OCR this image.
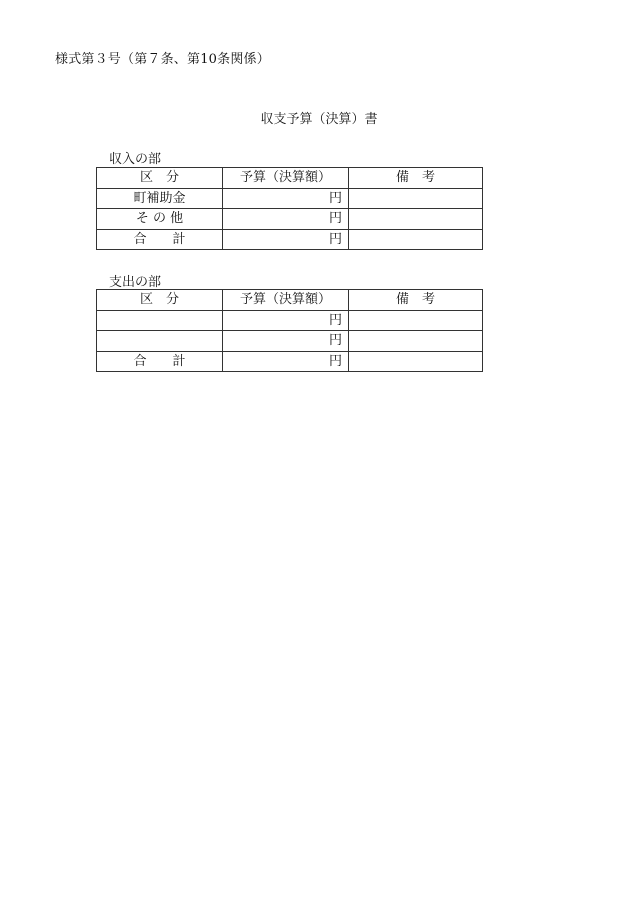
様式第３号（第７条、第10条関係）
収支予算（決算）書
収入の部
区　分	予算（決算額）	備　考
町補助金	円	
そ の 他	円	
合　　計	円	
支出の部
区　分	予算（決算額）	備　考
	円	
	円	
合　　計	円	
